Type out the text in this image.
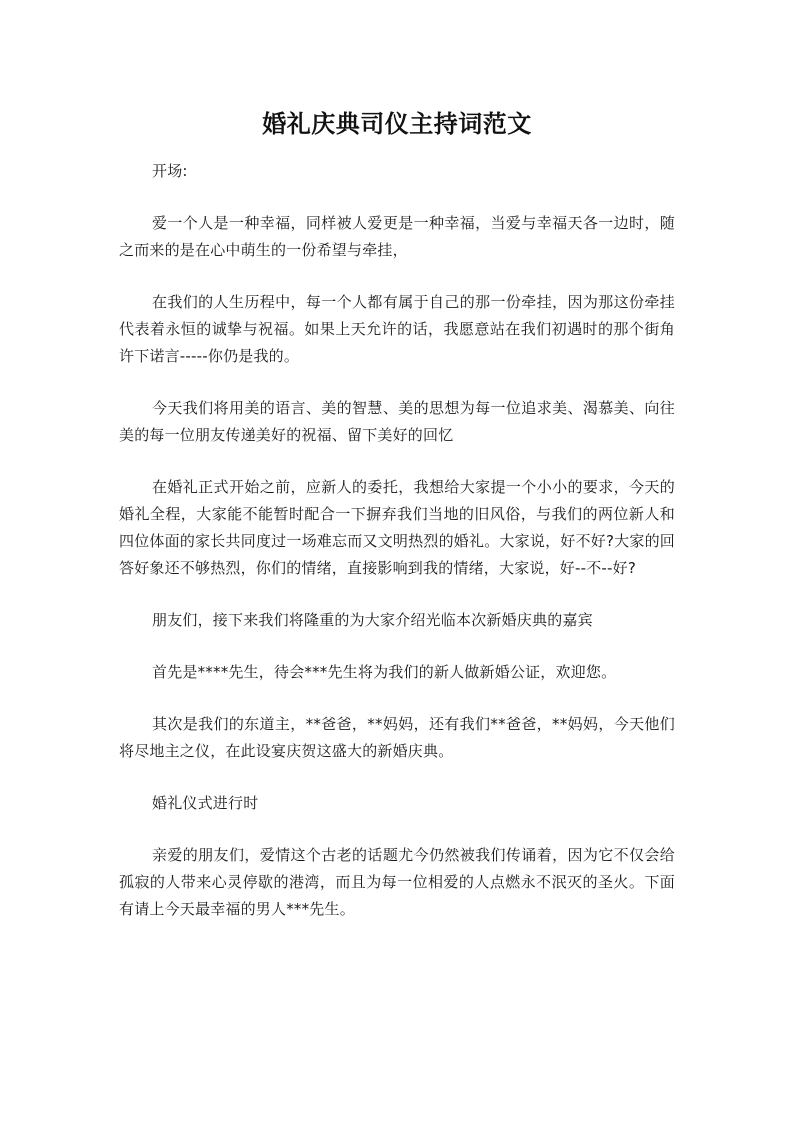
婚礼庆典司仪主持词范文

开场:

爱一个人是一种幸福，同样被人爱更是一种幸福，当爱与幸福天各一边时，随之而来的是在心中萌生的一份希望与牵挂，

在我们的人生历程中，每一个人都有属于自己的那一份牵挂，因为那这份牵挂代表着永恒的诚挚与祝福。如果上天允许的话，我愿意站在我们初遇时的那个街角许下诺言-----你仍是我的。

今天我们将用美的语言、美的智慧、美的思想为每一位追求美、渴慕美、向往美的每一位朋友传递美好的祝福、留下美好的回忆

在婚礼正式开始之前，应新人的委托，我想给大家提一个小小的要求，今天的婚礼全程，大家能不能暂时配合一下摒弃我们当地的旧风俗，与我们的两位新人和四位体面的家长共同度过一场难忘而又文明热烈的婚礼。大家说，好不好?大家的回答好象还不够热烈，你们的情绪，直接影响到我的情绪，大家说，好--不--好?

朋友们，接下来我们将隆重的为大家介绍光临本次新婚庆典的嘉宾

首先是****先生，待会***先生将为我们的新人做新婚公证，欢迎您。

其次是我们的东道主，**爸爸，**妈妈，还有我们**爸爸，**妈妈，今天他们将尽地主之仪，在此设宴庆贺这盛大的新婚庆典。

婚礼仪式进行时

亲爱的朋友们，爱情这个古老的话题尤今仍然被我们传诵着，因为它不仅会给孤寂的人带来心灵停歇的港湾，而且为每一位相爱的人点燃永不泯灭的圣火。下面有请上今天最幸福的男人***先生。
